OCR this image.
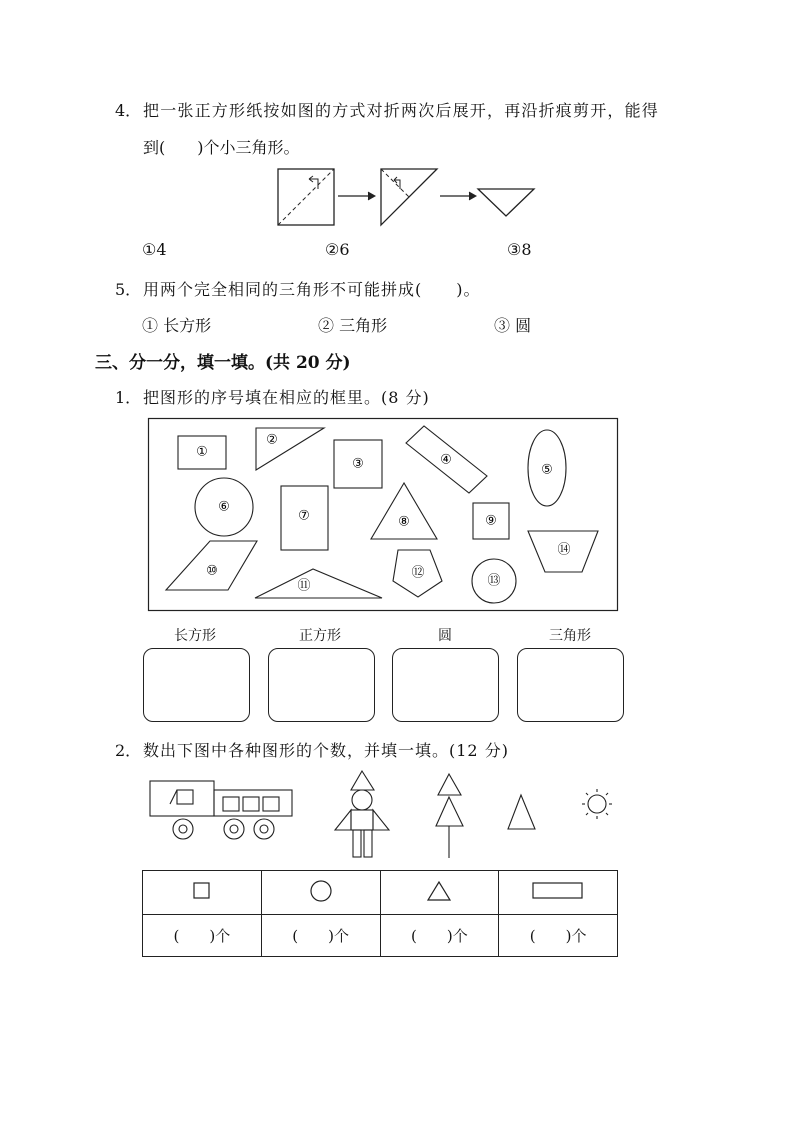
4． 把一张正方形纸按如图的方式对折两次后展开，再沿折痕剪开，能得
到(　　)个小三角形。
①4	②6	③8
5． 用两个完全相同的三角形不可能拼成(　　)。
① 长方形	② 三角形	③ 圆
三、分一分，填一填。(共 20 分)
1． 把图形的序号填在相应的框里。(8 分)
①
②
③	④
⑤
⑥
⑦	⑧	⑨
⑩
⑪
⑫
⑬
⑭
长方形	正方形	圆	三角形
2． 数出下图中各种图形的个数，并填一填。(12 分)

(　　)个	(　　)个	(　　)个	(　　)个
